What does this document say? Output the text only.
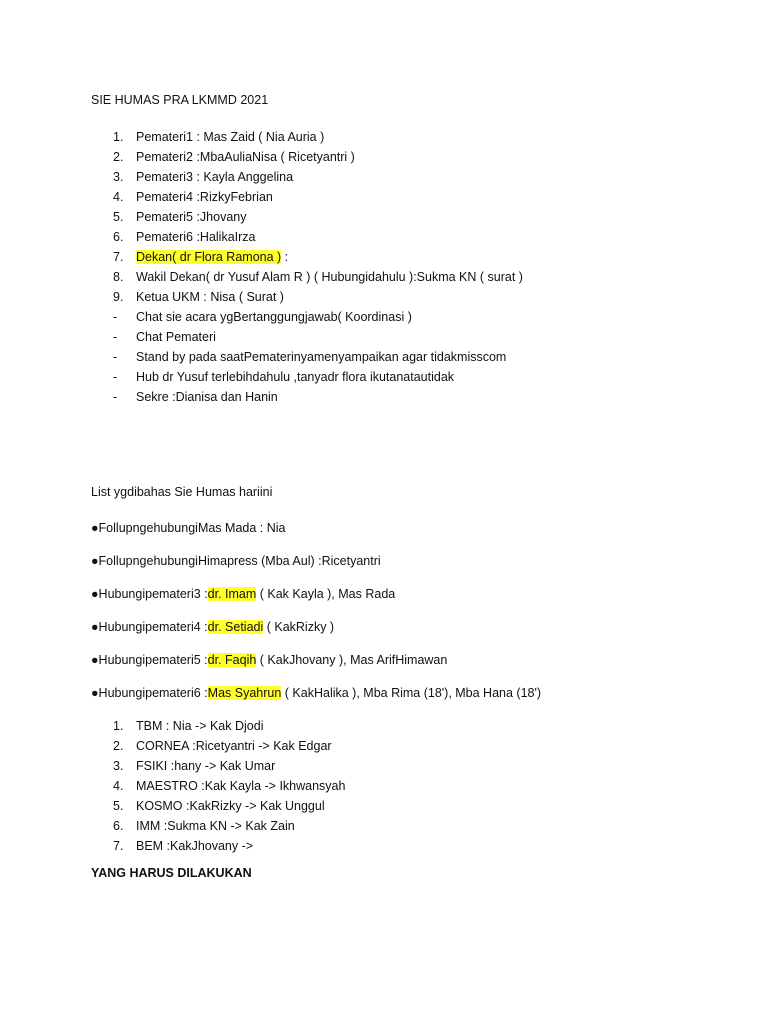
SIE HUMAS PRA LKMMD 2021
1. Pemateri1 : Mas Zaid ( Nia Auria )
2. Pemateri2 :MbaAuliaNisa ( Ricetyantri )
3. Pemateri3 : Kayla Anggelina
4. Pemateri4 :RizkyFebrian
5. Pemateri5 :Jhovany
6. Pemateri6 :HalikaIrza
7. Dekan( dr Flora Ramona ) :
8. Wakil Dekan( dr Yusuf Alam R ) ( Hubungidahulu ):Sukma KN ( surat )
9. Ketua UKM : Nisa ( Surat )
- Chat sie acara ygBertanggungjawab( Koordinasi )
- Chat Pemateri
- Stand by pada saatPematerinyamenyampaikan agar tidakmisscom
- Hub dr Yusuf terlebihdahulu ,tanyadr flora ikutanatautidak
- Sekre :Dianisa dan Hanin
List ygdibahas Sie Humas hariini
●FollupngehubungiMas Mada : Nia
●FollupngehubungiHimapress (Mba Aul) :Ricetyantri
●Hubungipemateri3 :dr. Imam ( Kak Kayla ), Mas Rada
●Hubungipemateri4 :dr. Setiadi ( KakRizky )
●Hubungipemateri5 :dr. Faqih ( KakJhovany ), Mas ArifHimawan
●Hubungipemateri6 :Mas Syahrun ( KakHalika ), Mba Rima (18'), Mba Hana (18')
1. TBM : Nia -> Kak Djodi
2. CORNEA :Ricetyantri -> Kak Edgar
3. FSIKI :hany -> Kak Umar
4. MAESTRO :Kak Kayla -> Ikhwansyah
5. KOSMO :KakRizky -> Kak Unggul
6. IMM :Sukma KN -> Kak Zain
7. BEM :KakJhovany ->
YANG HARUS DILAKUKAN
